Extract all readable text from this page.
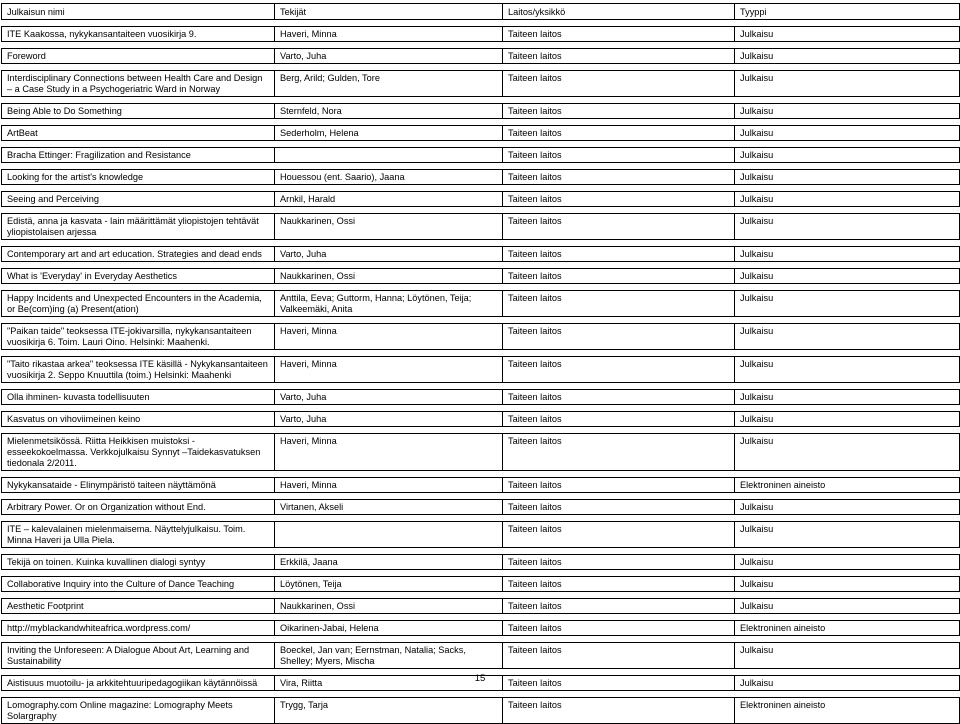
Julkaisun nimi	Tekijät	Laitos/yksikkö	Tyyppi

ITE Kaakossa, nykykansantaiteen vuosikirja 9.	Haveri, Minna	Taiteen laitos	Julkaisu

Foreword	Varto, Juha	Taiteen laitos	Julkaisu

Interdisciplinary Connections between Health Care and Design – a Case Study in a Psychogeriatric Ward in Norway	Berg, Arild; Gulden, Tore	Taiteen laitos	Julkaisu

Being Able to Do Something	Sternfeld, Nora	Taiteen laitos	Julkaisu

ArtBeat	Sederholm, Helena	Taiteen laitos	Julkaisu

Bracha Ettinger: Fragilization and Resistance		Taiteen laitos	Julkaisu

Looking for the artist's knowledge	Houessou (ent. Saario), Jaana	Taiteen laitos	Julkaisu

Seeing and Perceiving	Arnkil, Harald	Taiteen laitos	Julkaisu

Edistä, anna ja kasvata - lain määrittämät yliopistojen tehtävät yliopistolaisen arjessa	Naukkarinen, Ossi	Taiteen laitos	Julkaisu

Contemporary art and art education. Strategies and dead ends	Varto, Juha	Taiteen laitos	Julkaisu

What is 'Everyday' in Everyday Aesthetics	Naukkarinen, Ossi	Taiteen laitos	Julkaisu

Happy Incidents and Unexpected Encounters in the Academia, or Be(com)ing (a) Present(ation)	Anttila, Eeva; Guttorm, Hanna; Löytönen, Teija; Valkeemäki, Anita	Taiteen laitos	Julkaisu

"Paikan taide" teoksessa ITE-jokivarsilla, nykykansantaiteen vuosikirja 6. Toim. Lauri Oino. Helsinki: Maahenki.	Haveri, Minna	Taiteen laitos	Julkaisu

"Taito rikastaa arkea" teoksessa ITE käsillä - Nykykansantaiteen vuosikirja 2. Seppo Knuuttila (toim.) Helsinki: Maahenki	Haveri, Minna	Taiteen laitos	Julkaisu

Olla ihminen- kuvasta todellisuuten	Varto, Juha	Taiteen laitos	Julkaisu

Kasvatus on vihoviimeinen keino	Varto, Juha	Taiteen laitos	Julkaisu

Mielenmetsikössä. Riitta Heikkisen muistoksi - esseekokoelmassa. Verkkojulkaisu Synnyt –Taidekasvatuksen tiedonala 2/2011.	Haveri, Minna	Taiteen laitos	Julkaisu

Nykykansataide - Elinympäristö taiteen näyttämönä	Haveri, Minna	Taiteen laitos	Elektroninen aineisto

Arbitrary Power. Or on Organization without End.	Virtanen, Akseli	Taiteen laitos	Julkaisu

ITE – kalevalainen mielenmaisema. Näyttelyjulkaisu. Toim. Minna Haveri ja Ulla Piela.		Taiteen laitos	Julkaisu

Tekijä on toinen. Kuinka kuvallinen dialogi syntyy	Erkkilä, Jaana	Taiteen laitos	Julkaisu

Collaborative Inquiry into the Culture of Dance Teaching	Löytönen, Teija	Taiteen laitos	Julkaisu

Aesthetic Footprint	Naukkarinen, Ossi	Taiteen laitos	Julkaisu

http://myblackandwhiteafrica.wordpress.com/	Oikarinen-Jabai, Helena	Taiteen laitos	Elektroninen aineisto

Inviting the Unforeseen: A Dialogue About Art, Learning and Sustainability	Boeckel, Jan van; Eernstman, Natalia; Sacks, Shelley; Myers, Mischa	Taiteen laitos	Julkaisu

Aistisuus muotoilu- ja arkkitehtuuripedagogiikan käytännöissä	Vira, Riitta	Taiteen laitos	Julkaisu

Lomography.com Online magazine: Lomography Meets Solargraphy	Trygg, Tarja	Taiteen laitos	Elektroninen aineisto
15
